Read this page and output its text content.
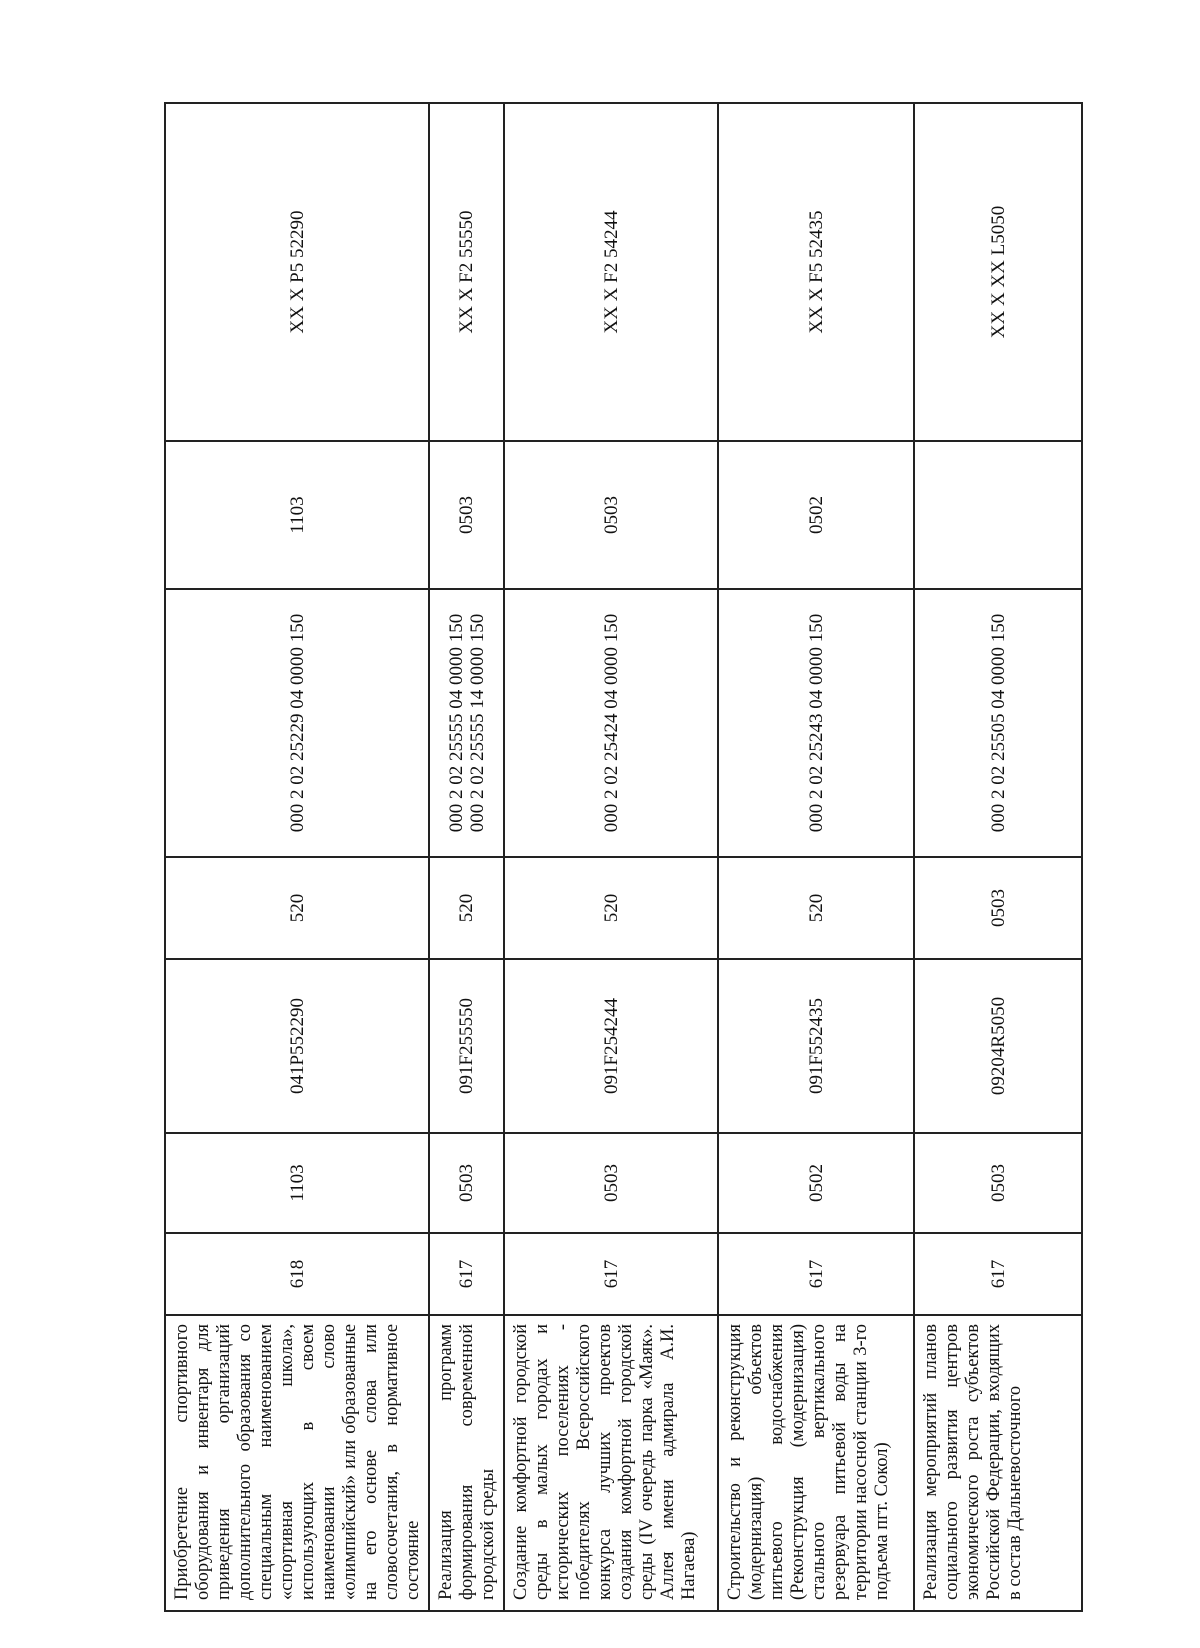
Приобретение спортивного оборудования и инвентаря для приведения организаций дополнительного образования со специальным наименованием «спортивная школа», использующих в своем наименовании слово «олимпийский» или образованные на его основе слова или словосочетания, в нормативное состояние	618	1103	041P552290	520	000 2 02 25229 04 0000 150	1103	XX X P5 52290

Реализация программ формирования современной городской среды	617	0503	091F255550	520	000 2 02 25555 04 0000 150 000 2 02 25555 14 0000 150	0503	XX X F2 55550

Создание комфортной городской среды в малых городах и исторических поселениях - победителях Всероссийского конкурса лучших проектов создания комфортной городской среды (IV очередь парка «Маяк». Аллея имени адмирала А.И. Нагаева)	617	0503	091F254244	520	000 2 02 25424 04 0000 150	0503	XX X F2 54244

Строительство и реконструкция (модернизация) объектов питьевого водоснабжения (Реконструкция (модернизация) стального вертикального резервуара питьевой воды на территории насосной станции 3-го подъема пгт. Сокол)	617	0502	091F552435	520	000 2 02 25243 04 0000 150	0502	XX X F5 52435

Реализация мероприятий планов социального развития центров экономического роста субъектов Российской Федерации, входящих в состав Дальневосточного	617	0503	09204R5050	0503	000 2 02 25505 04 0000 150		XX X XX L5050
